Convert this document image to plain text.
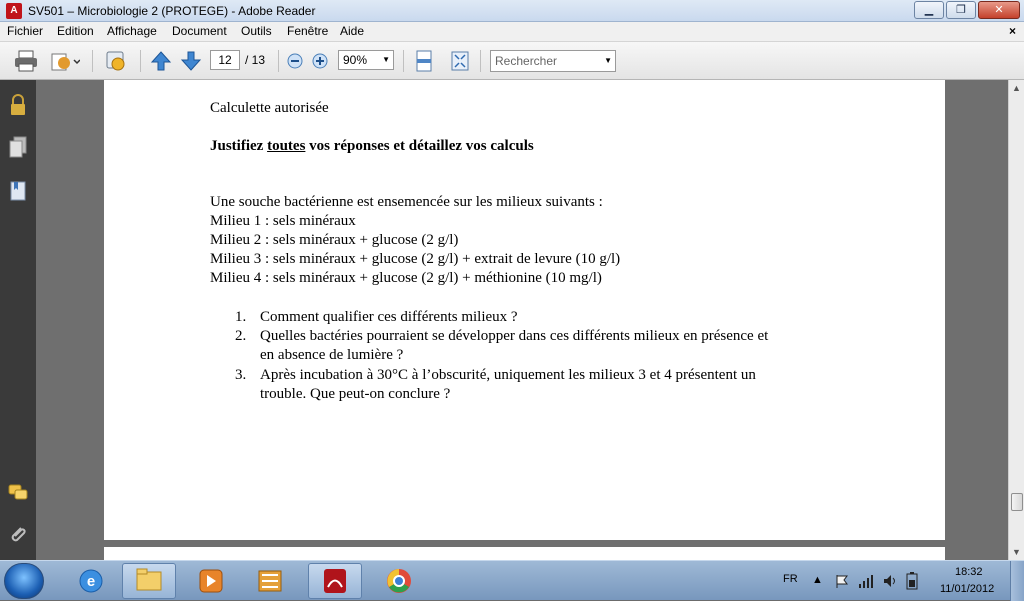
A SV501 – Microbiologie 2 (PROTEGE) - Adobe Reader	▁	❐	✕
Fichier Edition Affichage Document Outils Fenêtre Aide	×
12	/ 13	90% ▼	Rechercher	▼
Calculette autorisée
Justifiez toutes vos réponses et détaillez vos calculs
Une souche bactérienne est ensemencée sur les milieux suivants :
Milieu 1 : sels minéraux
Milieu 2 : sels minéraux + glucose (2 g/l)
Milieu 3 : sels minéraux + glucose (2 g/l) + extrait de levure (10 g/l)
Milieu 4 : sels minéraux + glucose (2 g/l) + méthionine (10 mg/l)
1. Comment qualifier ces différents milieux ?
2. Quelles bactéries pourraient se développer dans ces différents milieux en présence et
en absence de lumière ?
3. Après incubation à 30°C à l’obscurité, uniquement les milieux 3 et 4 présentent un
trouble. Que peut-on conclure ?
▲
▼
e	FR ▲
18:32
11/01/2012
